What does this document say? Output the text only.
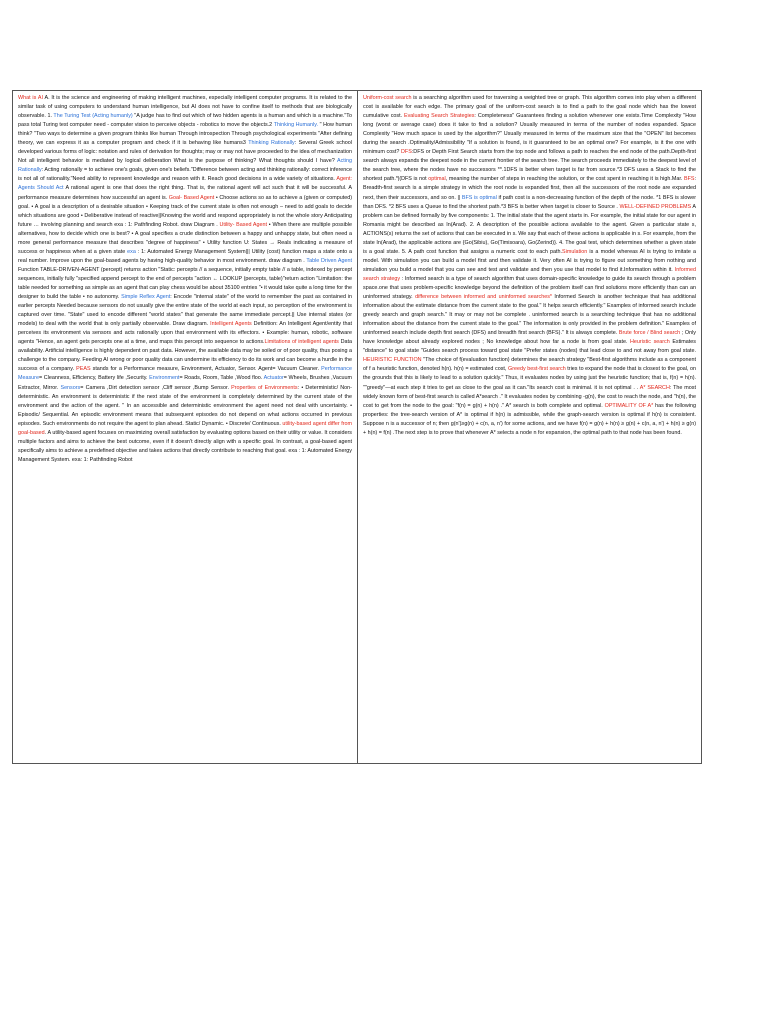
What is AI A. It is the science and engineering of making intelligent machines, especially intelligent computer programs. It is related to the similar task of using computers to understand human intelligence, but AI does not have to confine itself to methods that are biologically observable. 1. The Turing Test (Acting humanly) "A judge has to find out which of two hidden agents is a human and which is a machine."To pass total Turing test computer need - computer vision to perceive objects - robotics to move the objects.2 Thinking Humanly. " How human think? "Two ways to determine a given program thinks like human Through introspection Through psychological experiments "After defining theory, we can express it as a computer program and check if it is behaving like humans3 Thinking Rationally: Several Greek school developed various forms of logic: notation and rules of derivation for thoughts; may or may not have proceeded to the idea of mechanization Not all intelligent behavior is mediated by logical deliberation What is the purpose of thinking? What thoughts should I have? Acting Rationally: Acting rationally = to achieve one's goals, given one's beliefs."Difference between acting and thinking rationally: correct inference is not all of rationality."Need ability to represent knowledge and reason with it. Reach good decisions in a wide variety of situations. Agent: Agents Should Act A rational agent is one that does the right thing. That is, the rational agent will act such that it will be successful. A performance measure determines how successful an agent is. Goal- Based Agent • Choose actions so as to achieve a (given or computed) goal. • A goal is a description of a desirable situation • Keeping track of the current state is often not enough – need to add goals to decide which situations are good • Deliberative instead of reactive||Knowing the world and respond appropriately is not the whole story Anticipating future … involving planning and search exa : 1: Pathfinding Robot. draw Diagram . Utility- Based Agent • When there are multiple possible alternatives, how to decide which one is best? • A goal specifies a crude distinction between a happy and unhappy state, but often need a more general performance measure that describes "degree of happiness" • Utility function U: States → Reals indicating a measure of success or happiness when at a given state exa : 1: Automated Energy Management System||| Utility (cost) function maps a state onto a real number. Improve upon the goal-based agents by having high-quality behavior in most environment. draw diagram . Table Driven Agent Function TABLE-DRIVEN-AGENT (percept) returns action "Static: percepts // a sequence, initially empty table // a table, indexed by percept sequences, initially fully "specified append percept to the end of percepts "action ← LOOKUP (percepts, table)"return action "Limitation: the table needed for something as simple as an agent that can play chess would be about 35100 entries "• it would take quite a long time for the designer to build the table • no autonomy. Simple Reflex Agent: Encode "internal state" of the world to remember the past as contained in earlier percepts Needed because sensors do not usually give the entire state of the world at each input, so perception of the environment is captured over time. "State" used to encode different "world states" that generate the same immediate percept.|| Use internal states (or models) to deal with the world that is only partially observable. Draw diagram. Intelligent Agents Definition: An Intelligent Agent/entity that perceives its environment via sensors and acts rationally upon that environment with its effectors. • Example: human, robotic, software agents "Hence, an agent gets percepts one at a time, and maps this percept into sequence to actions.Limitations of intelligent agents Data availability. Artificial intelligence is highly dependent on past data. However, the available data may be soiled or of poor quality, thus posing a challenge to the company. Feeding AI wrong or poor quality data can undermine its efficiency to do its work and can become a hurdle in the success of a company. PEAS stands for a Performance measure, Environment, Actuator, Sensor. Agent= Vacuum Cleaner. Performance Measure= Cleanness, Efficiency, Battery life ,Security. Environment= Roads, Room, Table ,Wood floo. Actuator= Wheels, Brushes ,Vacuum Extractor, Mirror. Sensors= Camera ,Dirt detection sensor ,Cliff sensor ,Bump Sensor. Properties of Environments: • Deterministic/ Non-deterministic. An environment is deterministic if the next state of the environment is completely determined by the current state of the environment and the action of the agent. " In an accessible and deterministic environment the agent need not deal with uncertainty. • Episodic/ Sequential. An episodic environment means that subsequent episodes do not depend on what actions occurred in previous episodes. Such environments do not require the agent to plan ahead. Static/ Dynamic. • Discrete/ Continuous. utility-based agent differ from goal-based. A utility-based agent focuses on maximizing overall satisfaction by evaluating options based on their utility or value. It considers multiple factors and aims to achieve the best outcome, even if it doesn't directly align with a specific goal. In contrast, a goal-based agent specifically aims to achieve a predefined objective and takes actions that directly contribute to reaching that goal. exa : 1: Automated Energy Management System. exa: 1: Pathfinding Robot

Uniform-cost search is a searching algorithm used for traversing a weighted tree or graph. This algorithm comes into play when a different cost is available for each edge. The primary goal of the uniform-cost search is to find a path to the goal node which has the lowest cumulative cost. Evaluating Search Strategies: Completeness" Guarantees finding a solution whenever one exists.Time Complexity "How long (worst or average case) does it take to find a solution? Usually measured in terms of the number of nodes expanded. Space Complexity "How much space is used by the algorithm?" Usually measured in terms of the maximum size that the "OPEN" list becomes during the search .Optimality/Admissibility "If a solution is found, is it guaranteed to be an optimal one? For example, is it the one with minimum cost? DFS:DFS or Depth First Search starts from the top node and follows a path to reaches the end node of the path.Depth-first search always expands the deepest node in the current frontier of the search tree. The search proceeds immediately to the deepest level of the search tree, where the nodes have no successors **.1DFS is better when target is far from source.*3 DFS uses a Stack to find the shortest path.*|(DFS is not optimal, meaning the number of steps in reaching the solution, or the cost spent in reaching it is high.Mar. BFS: Breadth-first search is a simple strategy in which the root node is expanded first, then all the successors of the root node are expanded next, then their successors, and so on. || BFS is optimal if path cost is a non-decreasing function of the depth of the node. *1 BFS is slower than DFS. *2 BFS uses a Queue to find the shortest path.*3 BFS is better when target is closer to Source . WELL-DEFINED PROBLEMS A problem can be defined formally by five components: 1. The initial state that the agent starts in. For example, the initial state for our agent in Romania might be described as In(Arad). 2. A description of the possible actions available to the agent. Given a particular state s, ACTIONS(s) returns the set of actions that can be executed in s. We say that each of these actions is applicable in s. For example, from the state In(Arad), the applicable actions are {Go(Sibiu), Go(Timisoara), Go(Zerind)}. 4. The goal test, which determines whether a given state is a goal state. 5. A path cost function that assigns a numeric cost to each path.Simulation is a model whereas AI is trying to imitate a model. With simulation you can build a model first and then validate it. Very often AI is trying to figure out something from nothing and simulation you build a model that you can see and test and validate and then you use that model to find it.Information within it. Informed search strategy : Informed search is a type of search algorithm that uses domain-specific knowledge to guide its search through a problem space.one that uses problem-specific knowledge beyond the definition of the problem itself can find solutions more efficiently than can an uninformed strategy. difference between informed and uninformed searches* Informed Search is another technique that has additional information about the estimate distance from the current state to the goal." It helps search efficiently." Examples of informed search include greedy search and graph search." It may or may not be complete . uninformed search is a searching technique that has no additional information about the distance from the current state to the goal." The information is only provided in the problem definition." Examples of uninformed search include depth first search (DFS) and breadth first search (BFS)." It is always complete. Brute force / Blind search ; Only have knowledge about already explored nodes ; No knowledge about how far a node is from goal state. Heuristic search Estimates "distance" to goal state "Guides search process toward goal state "Prefer states (nodes) that lead close to and not away from goal state. HEURISTIC FUNCTION "The choice of f(evaluation function) determines the search strategy "Best-first algorithms include as a component of f a heuristic function, denoted h(n). h(n) = estimated cost, Greedy best-first search tries to expand the node that is closest to the goal, on the grounds that this is likely to lead to a solution quickly." Thus, it evaluates nodes by using just the heuristic function; that is, f(n) = h(n). ""greedy"—at each step it tries to get as close to the goal as it can."Its search cost is minimal. it is not optimal . . A* SEARCH: The most widely known form of best-first search is called A*search ." It evaluates nodes by combining -g(n), the cost to reach the node, and "h(n), the cost to get from the node to the goal: "f(n) = g(n) + h(n) ." A* search is both complete and optimal. OPTIMALITY OF A* has the following properties: the tree-search version of A* is optimal if h(n) is admissible, while the graph-search version is optimal if h(n) is consistent. Suppose n is a successor of n; then g(n')≥g(n) + c(n, a, n') for some actions, and we have f(n) = g(n) + h(n) ≥ g(n) + c(n, a, n') + h(n) ≥ g(n) + h(n) = f(n) .The next step is to prove that whenever A* selects a node n for expansion, the optimal path to that node has been found.
